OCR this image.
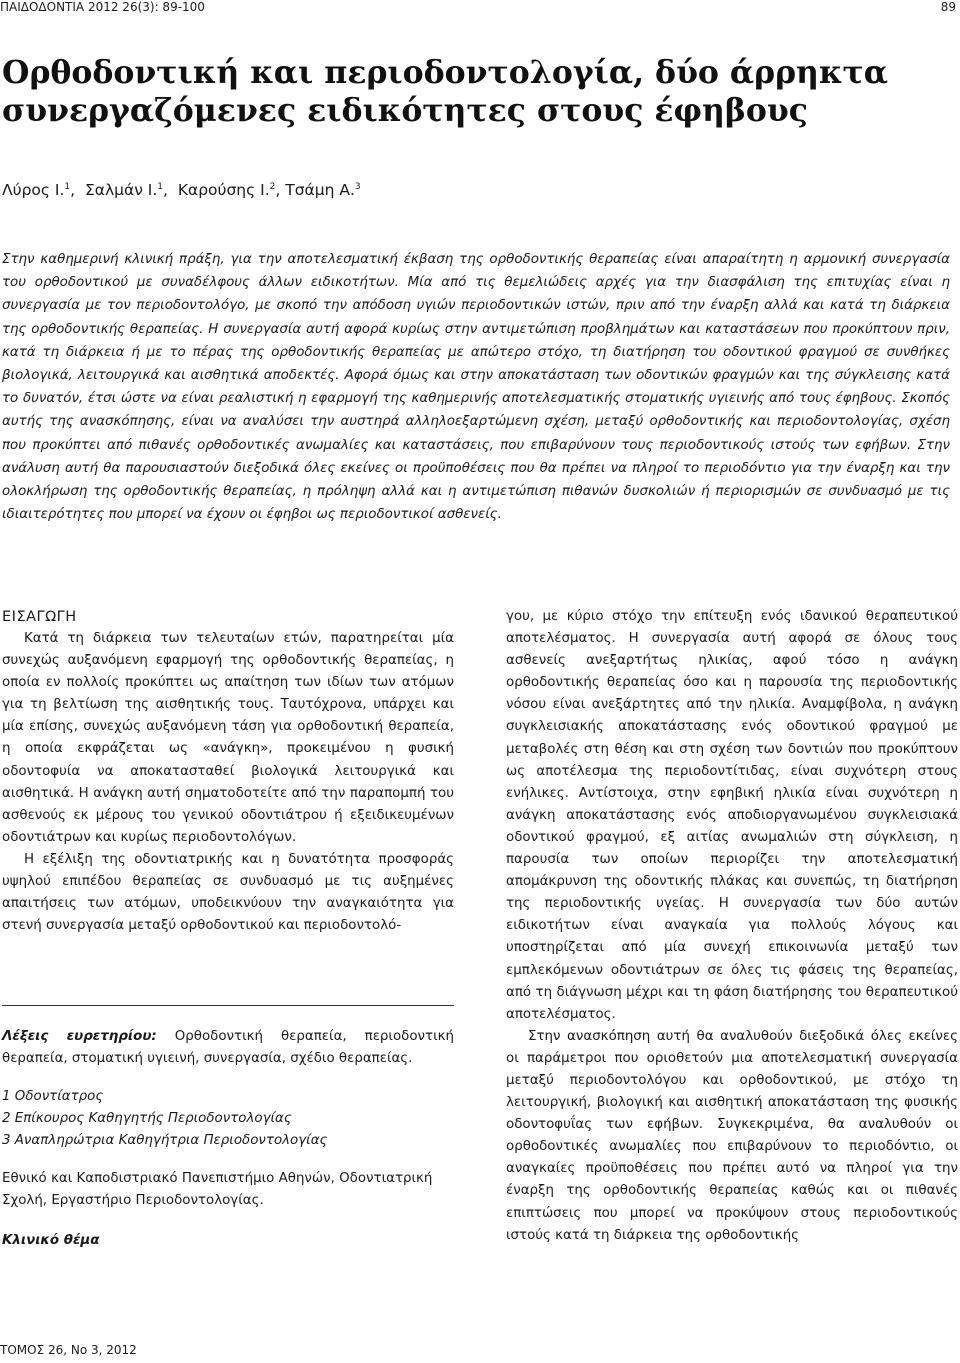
ΠΑΙΔΟΔΟΝΤΙΑ 2012 26(3): 89-100	89
Ορθοδοντική και περιοδοντολογία, δύο άρρηκτα συνεργαζόμενες ειδικότητες στους έφηβους
Λύρος Ι.$^1$,  Σαλμάν Ι.$^1$,  Καρούσης Ι.$^2$, Τσάμη Α.$^3$

Στην καθημερινή κλινική πράξη, για την αποτελεσματική έκβαση της ορθοδοντικής θεραπείας είναι απαραίτητη η αρμονική συνεργασία του ορθοδοντικού με συναδέλφους άλλων ειδικοτήτων. Μία από τις θεμελιώδεις αρχές για την διασφάλιση της επιτυχίας είναι η συνεργασία με τον περιοδοντολόγο, με σκοπό την απόδοση υγιών περιοδοντικών ιστών, πριν από την έναρξη αλλά και κατά τη διάρκεια της ορθοδοντικής θεραπείας. Η συνεργασία αυτή αφορά κυρίως στην αντιμετώπιση προβλημάτων και καταστάσεων που προκύπτουν πριν, κατά τη διάρκεια ή με το πέρας της ορθοδοντικής θεραπείας με απώτερο στόχο, τη διατήρηση του οδοντικού φραγμού σε συνθήκες βιολογικά, λειτουργικά και αισθητικά αποδεκτές. Αφορά όμως και στην αποκατάσταση των οδοντικών φραγμών και της σύγκλεισης κατά το δυνατόν, έτσι ώστε να είναι ρεαλιστική η εφαρμογή της καθημερινής αποτελεσματικής στοματικής υγιεινής από τους έφηβους. Σκοπός αυτής της ανασκόπησης, είναι να αναλύσει την αυστηρά αλληλοεξαρτώμενη σχέση, μεταξύ ορθοδοντικής και περιοδοντολογίας, σχέση που προκύπτει από πιθανές ορθοδοντικές ανωμαλίες και καταστάσεις, που επιβαρύνουν τους περιοδοντικούς ιστούς των εφήβων. Στην ανάλυση αυτή θα παρουσιαστούν διεξοδικά όλες εκείνες οι προϋποθέσεις που θα πρέπει να πληροί το περιοδόντιο για την έναρξη και την ολοκλήρωση της ορθοδοντικής θεραπείας, η πρόληψη αλλά και η αντιμετώπιση πιθανών δυσκολιών ή περιορισμών σε συνδυασμό με τις ιδιαιτερότητες που μπορεί να έχουν οι έφηβοι ως περιοδοντικοί ασθενείς.

ΕΙΣΑΓΩΓΗ

Κατά τη διάρκεια των τελευταίων ετών, παρατηρείται μία συνεχώς αυξανόμενη εφαρμογή της ορθοδοντικής θεραπείας, η οποία εν πολλοίς προκύπτει ως απαίτηση των ιδίων των ατόμων για τη βελτίωση της αισθητικής τους. Ταυτόχρονα, υπάρχει και μία επίσης, συνεχώς αυξανόμενη τάση για ορθοδοντική θεραπεία, η οποία εκφράζεται ως «ανάγκη», προκειμένου η φυσική οδοντοφυία να αποκατασταθεί βιολογικά λειτουργικά και αισθητικά. Η ανάγκη αυτή σηματοδοτείτε από την παραπομπή του ασθενούς εκ μέρους του γενικού οδοντιάτρου ή εξειδικευμένων οδοντιάτρων και κυρίως περιοδοντολόγων.

Η εξέλιξη της οδοντιατρικής και η δυνατότητα προσφοράς υψηλού επιπέδου θεραπείας σε συνδυασμό με τις αυξημένες απαιτήσεις των ατόμων, υποδεικνύουν την αναγκαιότητα για στενή συνεργασία μεταξύ ορθοδοντικού και περιοδοντολό-

Λέξεις ευρετηρίου: Ορθοδοντική θεραπεία, περιοδοντική θεραπεία, στοματική υγιεινή, συνεργασία, σχέδιο θεραπείας.

1 Οδοντίατρος
2 Επίκουρος Καθηγητής Περιοδοντολογίας
3 Αναπληρώτρια Καθηγήτρια Περιοδοντολογίας

Εθνικό και Καποδιστριακό Πανεπιστήμιο Αθηνών, Οδοντιατρική Σχολή, Εργαστήριο Περιοδοντολογίας.

Κλινικό θέμα

γου, με κύριο στόχο την επίτευξη ενός ιδανικού θεραπευτικού αποτελέσματος. Η συνεργασία αυτή αφορά σε όλους τους ασθενείς ανεξαρτήτως ηλικίας, αφού τόσο η ανάγκη ορθοδοντικής θεραπείας όσο και η παρουσία της περιοδοντικής νόσου είναι ανεξάρτητες από την ηλικία. Αναμφίβολα, η ανάγκη συγκλεισιακής αποκατάστασης ενός οδοντικού φραγμού με μεταβολές στη θέση και στη σχέση των δοντιών που προκύπτουν ως αποτέλεσμα της περιοδοντίτιδας, είναι συχνότερη στους ενήλικες. Αντίστοιχα, στην εφηβική ηλικία είναι συχνότερη η ανάγκη αποκατάστασης ενός αποδιοργανωμένου συγκλεισιακά οδοντικού φραγμού, εξ αιτίας ανωμαλιών στη σύγκλειση, η παρουσία των οποίων περιορίζει την αποτελεσματική απομάκρυνση της οδοντικής πλάκας και συνεπώς, τη διατήρηση της περιοδοντικής υγείας. Η συνεργασία των δύο αυτών ειδικοτήτων είναι αναγκαία για πολλούς λόγους και υποστηρίζεται από μία συνεχή επικοινωνία μεταξύ των εμπλεκόμενων οδοντιάτρων σε όλες τις φάσεις της θεραπείας, από τη διάγνωση μέχρι και τη φάση διατήρησης του θεραπευτικού αποτελέσματος.

Στην ανασκόπηση αυτή θα αναλυθούν διεξοδικά όλες εκείνες οι παράμετροι που οριοθετούν μια αποτελεσματική συνεργασία μεταξύ περιοδοντολόγου και ορθοδοντικού, με στόχο τη λειτουργική, βιολογική και αισθητική αποκατάσταση της φυσικής οδοντοφυΐας των εφήβων. Συγκεκριμένα, θα αναλυθούν οι ορθοδοντικές ανωμαλίες που επιβαρύνουν το περιοδόντιο, οι αναγκαίες προϋποθέσεις που πρέπει αυτό να πληροί για την έναρξη της ορθοδοντικής θεραπείας καθώς και οι πιθανές επιπτώσεις που μπορεί να προκύψουν στους περιοδοντικούς ιστούς κατά τη διάρκεια της ορθοδοντικής

ΤΟΜΟΣ 26, Νο 3, 2012
